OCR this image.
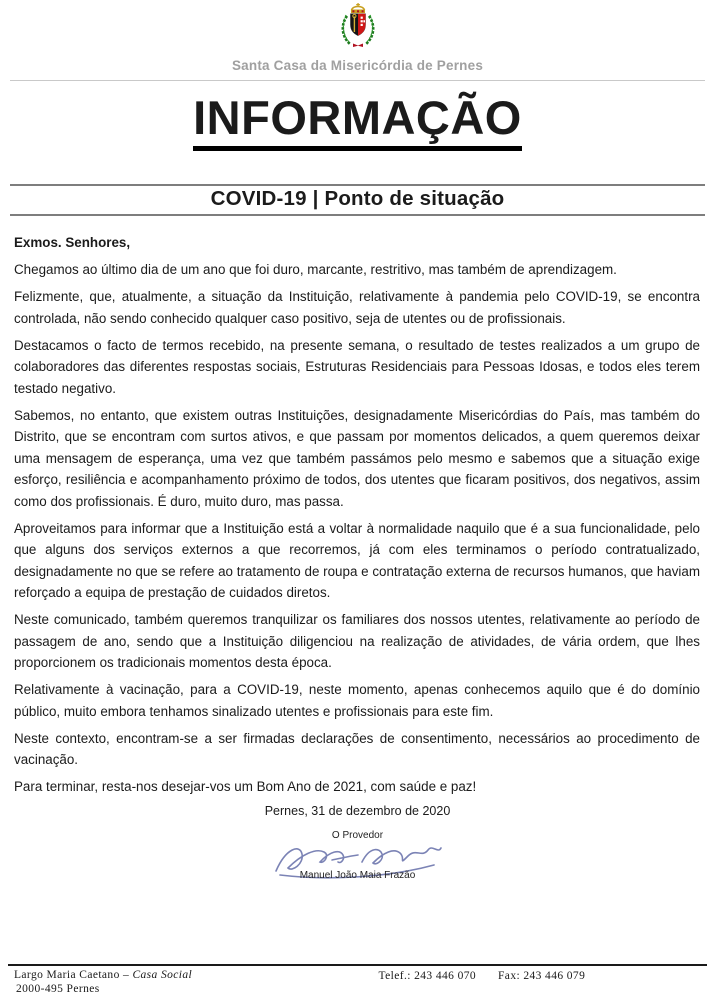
Santa Casa da Misericórdia de Pernes
INFORMAÇÃO
COVID-19 | Ponto de situação

Exmos. Senhores,

Chegamos ao último dia de um ano que foi duro, marcante, restritivo, mas também de aprendizagem.

Felizmente, que, atualmente, a situação da Instituição, relativamente à pandemia pelo COVID-19, se encontra controlada, não sendo conhecido qualquer caso positivo, seja de utentes ou de profissionais.

Destacamos o facto de termos recebido, na presente semana, o resultado de testes realizados a um grupo de colaboradores das diferentes respostas sociais, Estruturas Residenciais para Pessoas Idosas, e todos eles terem testado negativo.

Sabemos, no entanto, que existem outras Instituições, designadamente Misericórdias do País, mas também do Distrito, que se encontram com surtos ativos, e que passam por momentos delicados, a quem queremos deixar uma mensagem de esperança, uma vez que também passámos pelo mesmo e sabemos que a situação exige esforço, resiliência e acompanhamento próximo de todos, dos utentes que ficaram positivos, dos negativos, assim como dos profissionais. É duro, muito duro, mas passa.

Aproveitamos para informar que a Instituição está a voltar à normalidade naquilo que é a sua funcionalidade, pelo que alguns dos serviços externos a que recorremos, já com eles terminamos o período contratualizado, designadamente no que se refere ao tratamento de roupa e contratação externa de recursos humanos, que haviam reforçado a equipa de prestação de cuidados diretos.

Neste comunicado, também queremos tranquilizar os familiares dos nossos utentes, relativamente ao período de passagem de ano, sendo que a Instituição diligenciou na realização de atividades, de vária ordem, que lhes proporcionem os tradicionais momentos desta época.

Relativamente à vacinação, para a COVID-19, neste momento, apenas conhecemos aquilo que é do domínio público, muito embora tenhamos sinalizado utentes e profissionais para este fim.

Neste contexto, encontram-se a ser firmadas declarações de consentimento, necessários ao procedimento de vacinação.

Para terminar, resta-nos desejar-vos um Bom Ano de 2021, com saúde e paz!

Pernes, 31 de dezembro de 2020
O Provedor
Manuel João Maia Frazão
Largo Maria Caetano – Casa Social
2000-495 Pernes
Telef.: 243 446 070 Fax: 243 446 079
